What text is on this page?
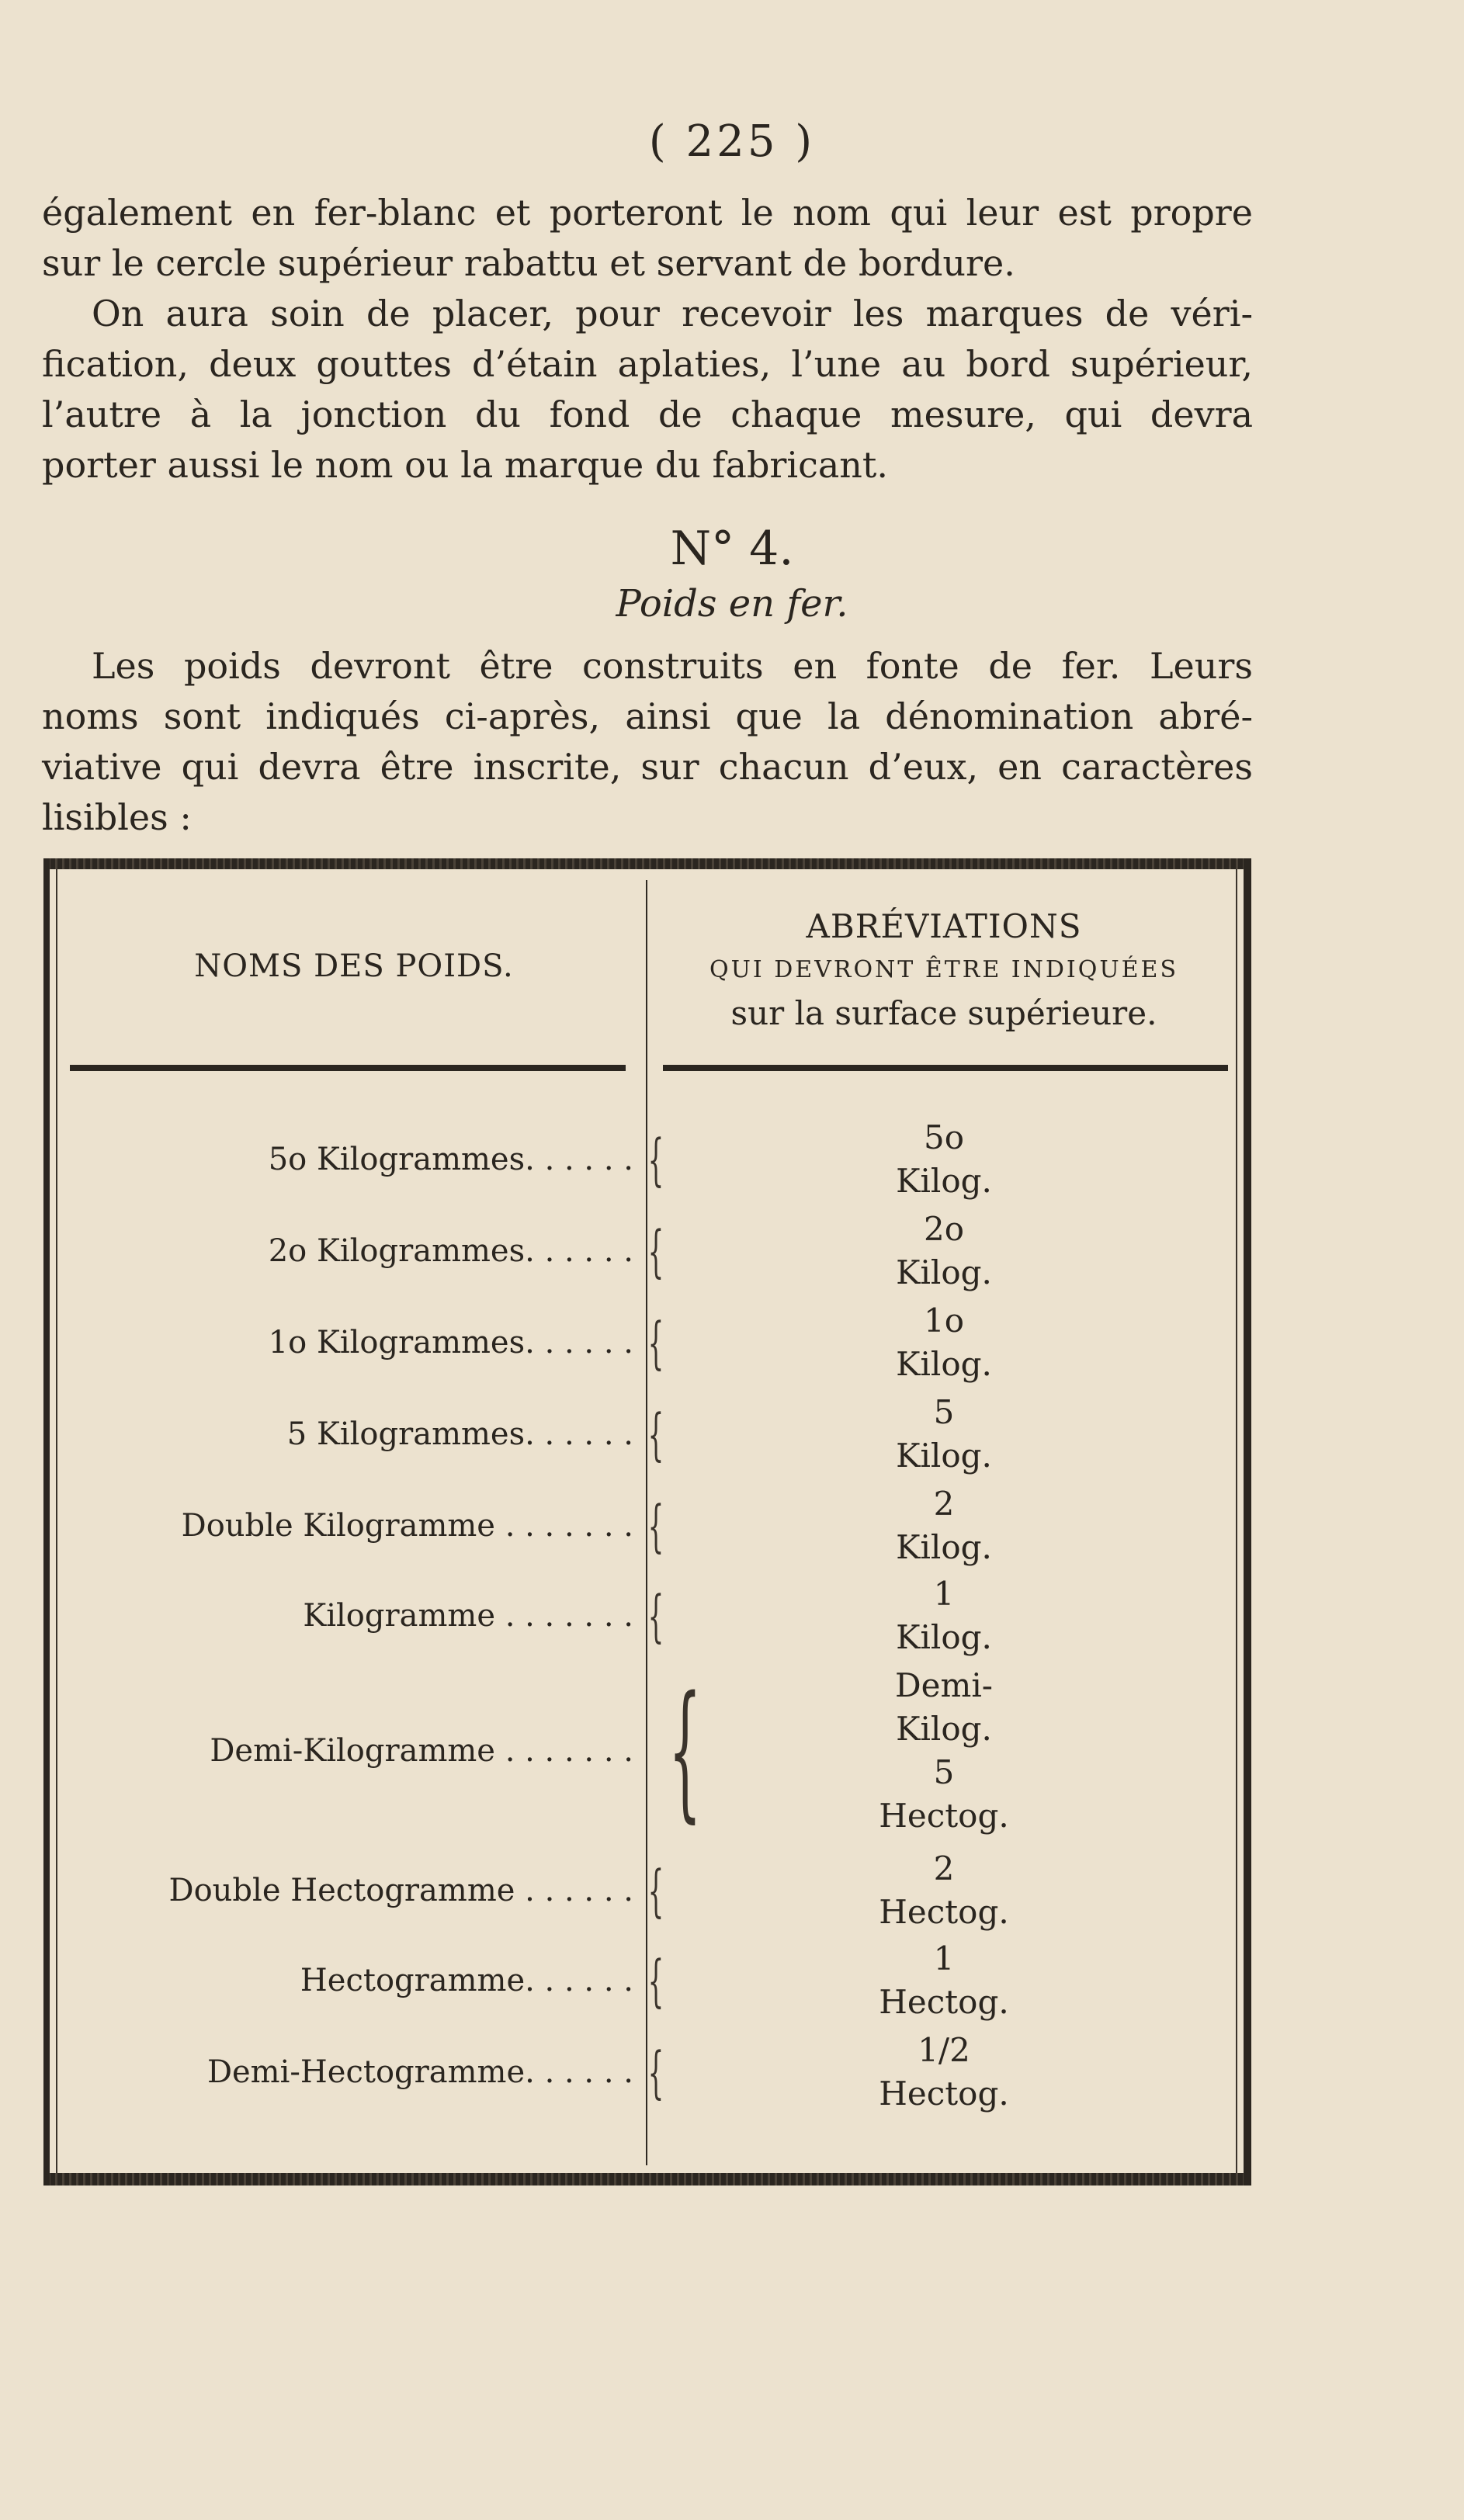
( 225 )
également en fer-blanc et porteront le nom qui leur est propre
sur le cercle supérieur rabattu et servant de bordure.
On aura soin de placer, pour recevoir les marques de véri-
fication, deux gouttes d’étain aplaties, l’une au bord supérieur,
l’autre à la jonction du fond de chaque mesure, qui devra
porter aussi le nom ou la marque du fabricant.
N° 4.
Poids en fer.
Les poids devront être construits en fonte de fer. Leurs
noms sont indiqués ci-après, ainsi que la dénomination abré-
viative qui devra être inscrite, sur chacun d’eux, en caractères
lisibles :
NOMS DES POIDS.
ABRÉVIATIONS
QUI DEVRONT ÊTRE INDIQUÉES
sur la surface supérieure.
5o Kilogrammes. . . . . . {	5o
Kilog.
2o Kilogrammes. . . . . . {	2o
Kilog.
1o Kilogrammes. . . . . . {	1o
Kilog.
5 Kilogrammes. . . . . . {	5
Kilog.
Double Kilogramme . . . . . . . {	2
Kilog.
Kilogramme . . . . . . . {	1
Kilog.
Demi-Kilogramme . . . . . . . {	Demi-
Kilog.
5
Hectog.
Double Hectogramme . . . . . . {	2
Hectog.
Hectogramme. . . . . . {	1
Hectog.
Demi-Hectogramme. . . . . . {	1/2
Hectog.
